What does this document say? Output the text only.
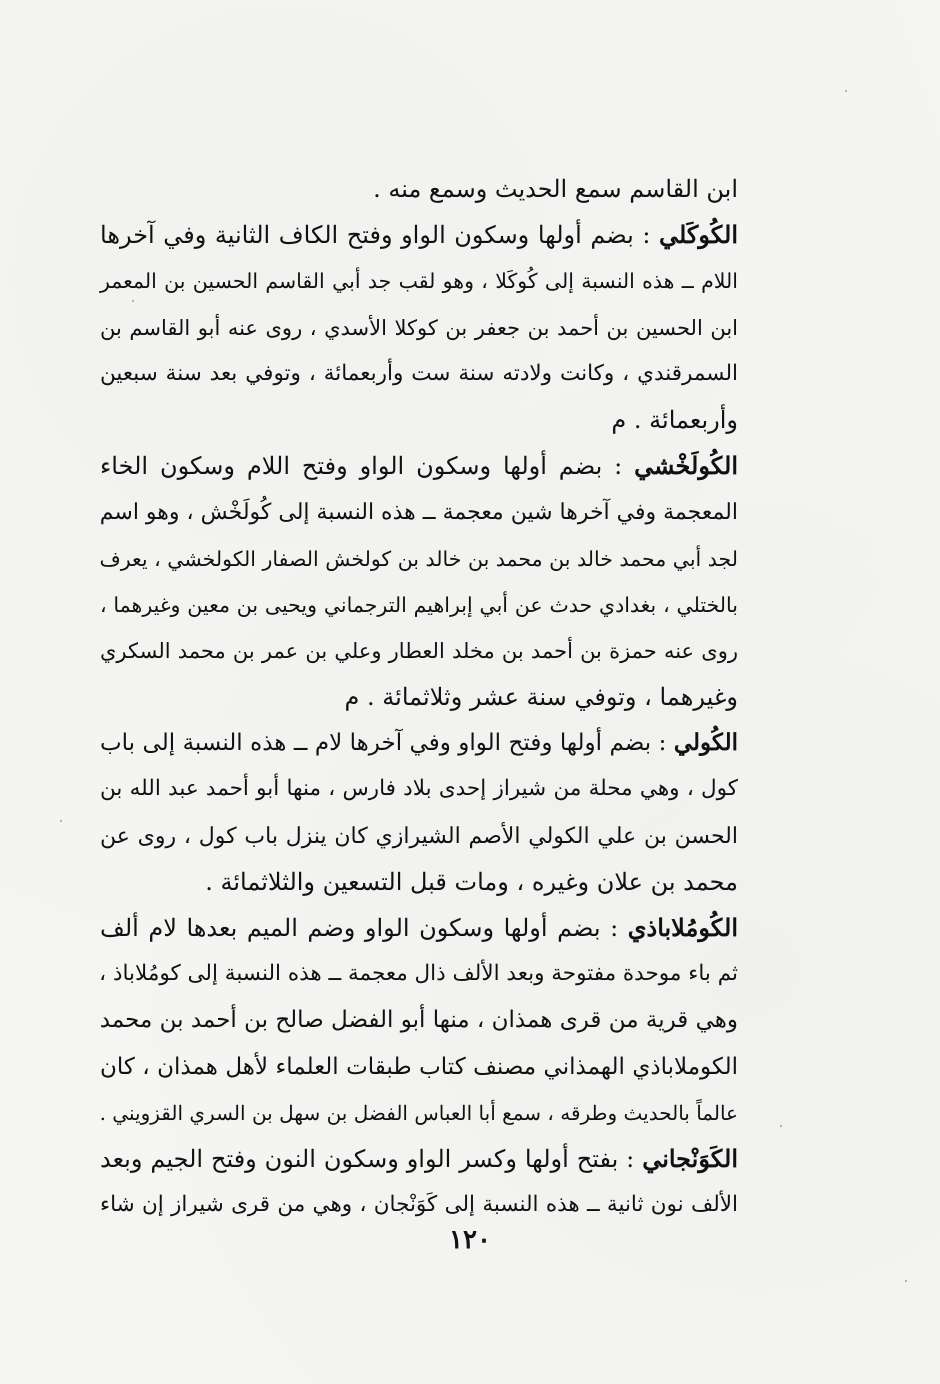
ابن القاسم سمع الحديث وسمع منه .
الكُوكَلي : بضم أولها وسكون الواو وفتح الكاف الثانية وفي آخرها
اللام ــ هذه النسبة إلى كُوكَلا ، وهو لقب جد أبي القاسم الحسين بن المعمر
ابن الحسين بن أحمد بن جعفر بن كوكلا الأسدي ، روى عنه أبو القاسم بن
السمرقندي ، وكانت ولادته سنة ست وأربعمائة ، وتوفي بعد سنة سبعين
وأربعمائة . م
الكُولَخْشي : بضم أولها وسكون الواو وفتح اللام وسكون الخاء
المعجمة وفي آخرها شين معجمة ــ هذه النسبة إلى كُولَخْش ، وهو اسم
لجد أبي محمد خالد بن محمد بن خالد بن كولخش الصفار الكولخشي ، يعرف
بالختلي ، بغدادي حدث عن أبي إبراهيم الترجماني ويحيى بن معين وغيرهما ،
روى عنه حمزة بن أحمد بن مخلد العطار وعلي بن عمر بن محمد السكري
وغيرهما ، وتوفي سنة عشر وثلاثمائة . م
الكُولي : بضم أولها وفتح الواو وفي آخرها لام ــ هذه النسبة إلى باب
كول ، وهي محلة من شيراز إحدى بلاد فارس ، منها أبو أحمد عبد الله بن
الحسن بن علي الكولي الأصم الشيرازي كان ينزل باب كول ، روى عن
محمد بن علان وغيره ، ومات قبل التسعين والثلاثمائة .
الكُومُلاباذي : بضم أولها وسكون الواو وضم الميم بعدها لام ألف
ثم باء موحدة مفتوحة وبعد الألف ذال معجمة ــ هذه النسبة إلى كومُلاباذ ،
وهي قرية من قرى همذان ، منها أبو الفضل صالح بن أحمد بن محمد
الكوملاباذي الهمذاني مصنف كتاب طبقات العلماء لأهل همذان ، كان
عالماً بالحديث وطرقه ، سمع أبا العباس الفضل بن سهل بن السري القزويني .
الكَوَنْجاني : بفتح أولها وكسر الواو وسكون النون وفتح الجيم وبعد
الألف نون ثانية ــ هذه النسبة إلى كَوَنْجان ، وهي من قرى شيراز إن شاء
١٢٠
